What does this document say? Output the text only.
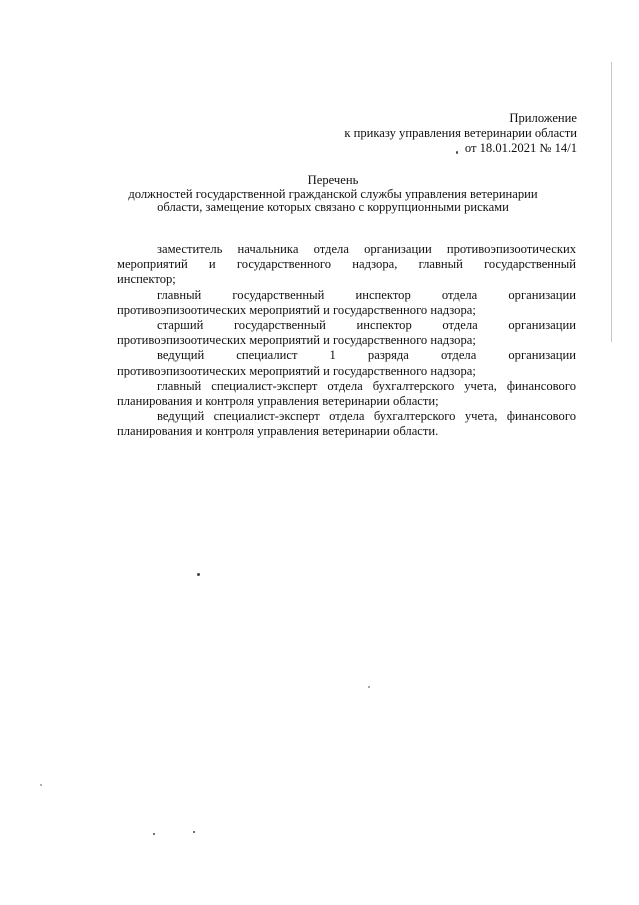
Приложение
к приказу управления ветеринарии области
от 18.01.2021 № 14/1
Перечень
должностей государственной гражданской службы управления ветеринарии
области, замещение которых связано с коррупционными рисками

заместитель начальника отдела организации противоэпизоотических

мероприятий и государственного надзора, главный государственный
инспектор;

главный государственный инспектор отдела организации

противоэпизоотических мероприятий и государственного надзора;

старший государственный инспектор отдела организации

противоэпизоотических мероприятий и государственного надзора;

ведущий специалист 1 разряда отдела организации

противоэпизоотических мероприятий и государственного надзора;

главный специалист-эксперт отдела бухгалтерского учета, финансового

планирования и контроля управления ветеринарии области;

ведущий специалист-эксперт отдела бухгалтерского учета, финансового

планирования и контроля управления ветеринарии области.
